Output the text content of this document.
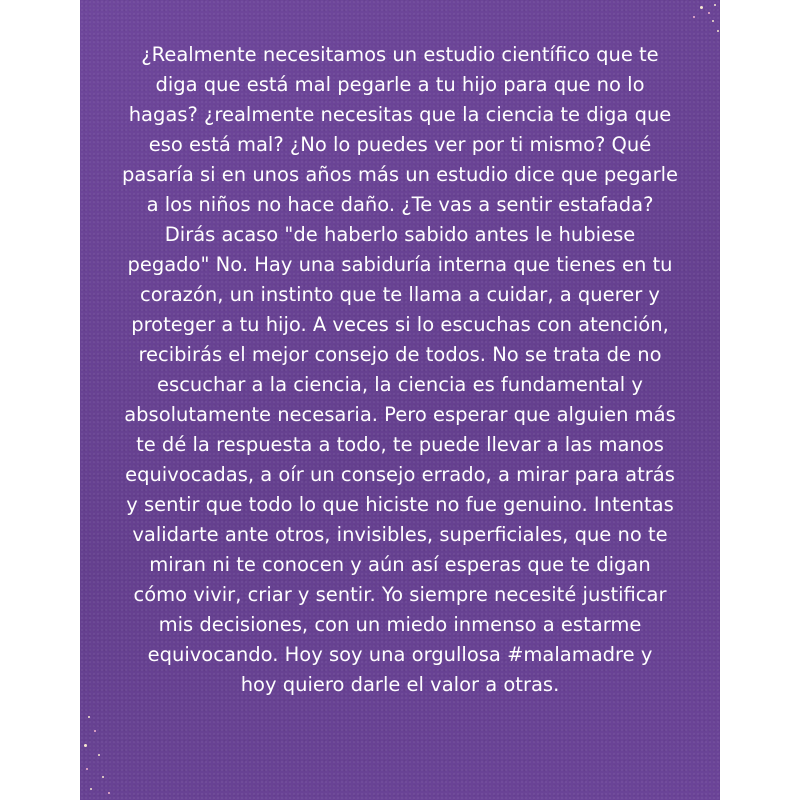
¿Realmente necesitamos un estudio científico que te
diga que está mal pegarle a tu hijo para que no lo
hagas? ¿realmente necesitas que la ciencia te diga que
eso está mal? ¿No lo puedes ver por ti mismo? Qué
pasaría si en unos años más un estudio dice que pegarle
a los niños no hace daño. ¿Te vas a sentir estafada?
Dirás acaso "de haberlo sabido antes le hubiese
pegado" No. Hay una sabiduría interna que tienes en tu
corazón, un instinto que te llama a cuidar, a querer y
proteger a tu hijo. A veces si lo escuchas con atención,
recibirás el mejor consejo de todos. No se trata de no
escuchar a la ciencia, la ciencia es fundamental y
absolutamente necesaria. Pero esperar que alguien más
te dé la respuesta a todo, te puede llevar a las manos
equivocadas, a oír un consejo errado, a mirar para atrás
y sentir que todo lo que hiciste no fue genuino. Intentas
validarte ante otros, invisibles, superficiales, que no te
miran ni te conocen y aún así esperas que te digan
cómo vivir, criar y sentir. Yo siempre necesité justificar
mis decisiones, con un miedo inmenso a estarme
equivocando. Hoy soy una orgullosa #malamadre y
hoy quiero darle el valor a otras.
